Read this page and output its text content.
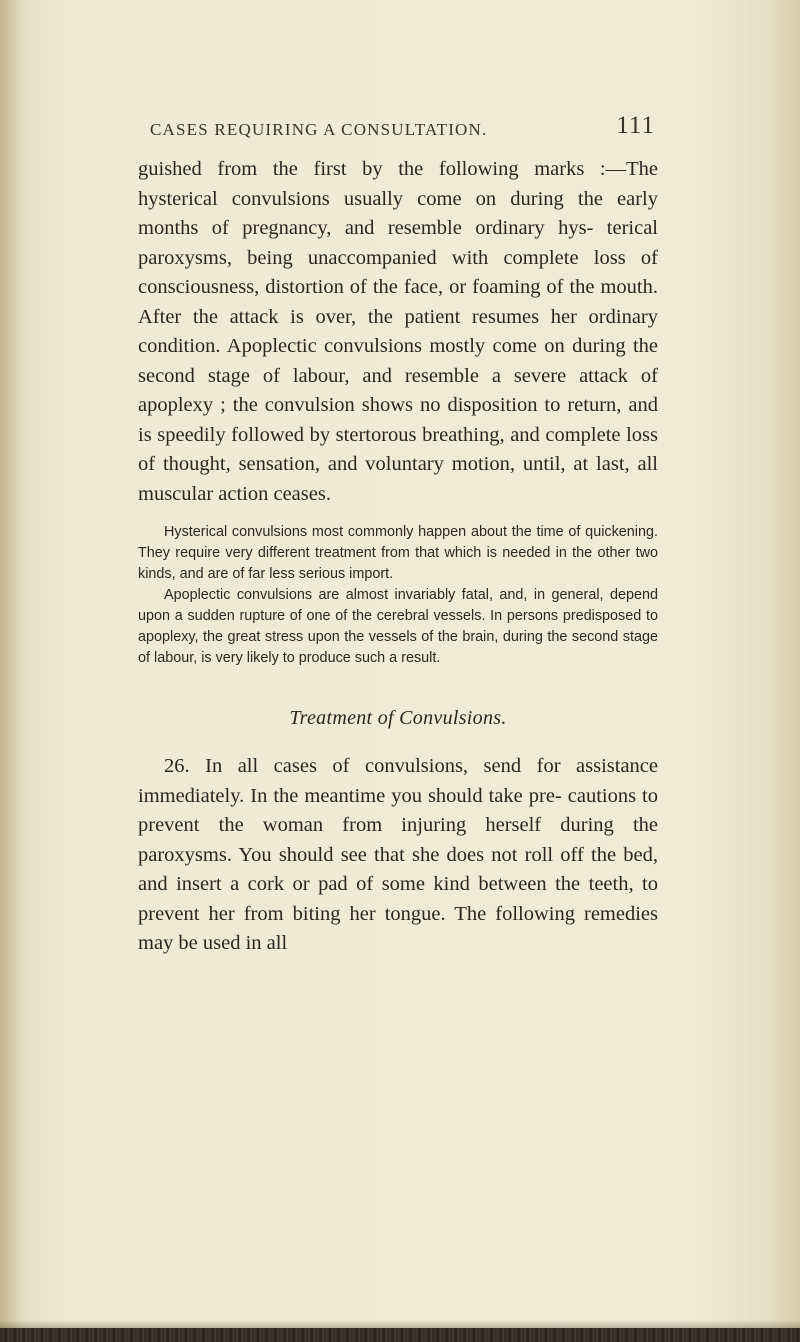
CASES REQUIRING A CONSULTATION.	111

guished from the first by the following marks :—The hysterical convulsions usually come on during the early months of pregnancy, and resemble ordinary hys- terical paroxysms, being unaccompanied with complete loss of consciousness, distortion of the face, or foaming of the mouth. After the attack is over, the patient resumes her ordinary condition. Apoplectic convulsions mostly come on during the second stage of labour, and resemble a severe attack of apoplexy ; the convulsion shows no disposition to return, and is speedily followed by stertorous breathing, and complete loss of thought, sensation, and voluntary motion, until, at last, all muscular action ceases.

Hysterical convulsions most commonly happen about the time of quickening. They require very different treatment from that which is needed in the other two kinds, and are of far less serious import.

Apoplectic convulsions are almost invariably fatal, and, in general, depend upon a sudden rupture of one of the cerebral vessels. In persons predisposed to apoplexy, the great stress upon the vessels of the brain, during the second stage of labour, is very likely to produce such a result.

Treatment of Convulsions.

26. In all cases of convulsions, send for assistance immediately. In the meantime you should take pre- cautions to prevent the woman from injuring herself during the paroxysms. You should see that she does not roll off the bed, and insert a cork or pad of some kind between the teeth, to prevent her from biting her tongue. The following remedies may be used in all
